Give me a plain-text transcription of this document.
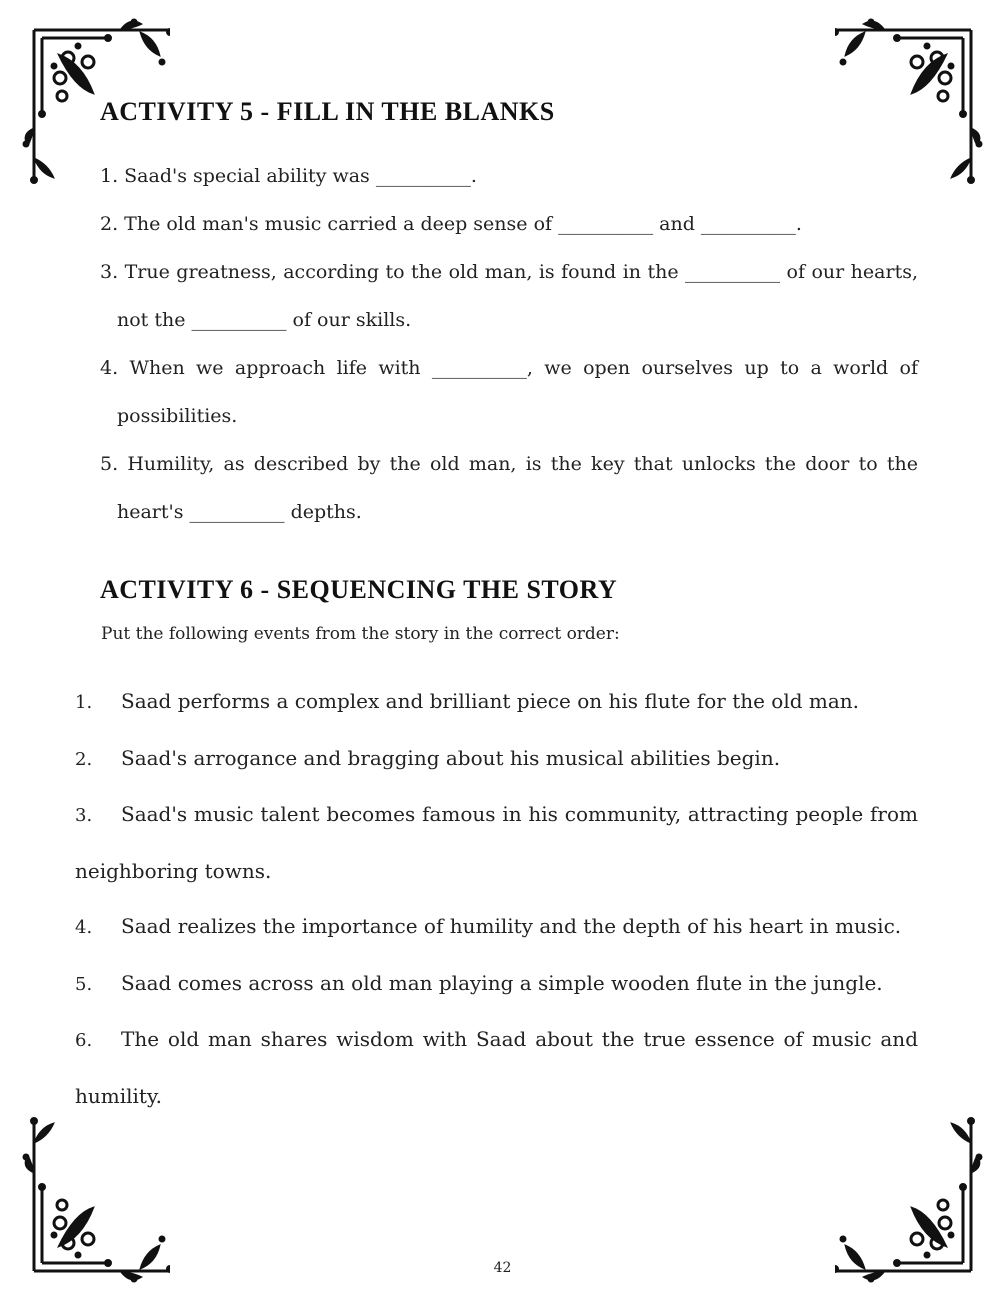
ACTIVITY 5 - FILL IN THE BLANKS
1. Saad's special ability was __________.
2. The old man's music carried a deep sense of __________ and __________.
3. True greatness, according to the old man, is found in the __________ of our hearts, not the __________ of our skills.
4. When we approach life with __________, we open ourselves up to a world of possibilities.
5. Humility, as described by the old man, is the key that unlocks the door to the heart's __________ depths.
ACTIVITY 6 - SEQUENCING THE STORY
Put the following events from the story in the correct order:
1. Saad performs a complex and brilliant piece on his flute for the old man.
2. Saad's arrogance and bragging about his musical abilities begin.
3. Saad's music talent becomes famous in his community, attracting people from neighboring towns.
4. Saad realizes the importance of humility and the depth of his heart in music.
5. Saad comes across an old man playing a simple wooden flute in the jungle.
6. The old man shares wisdom with Saad about the true essence of music and humility.
42
